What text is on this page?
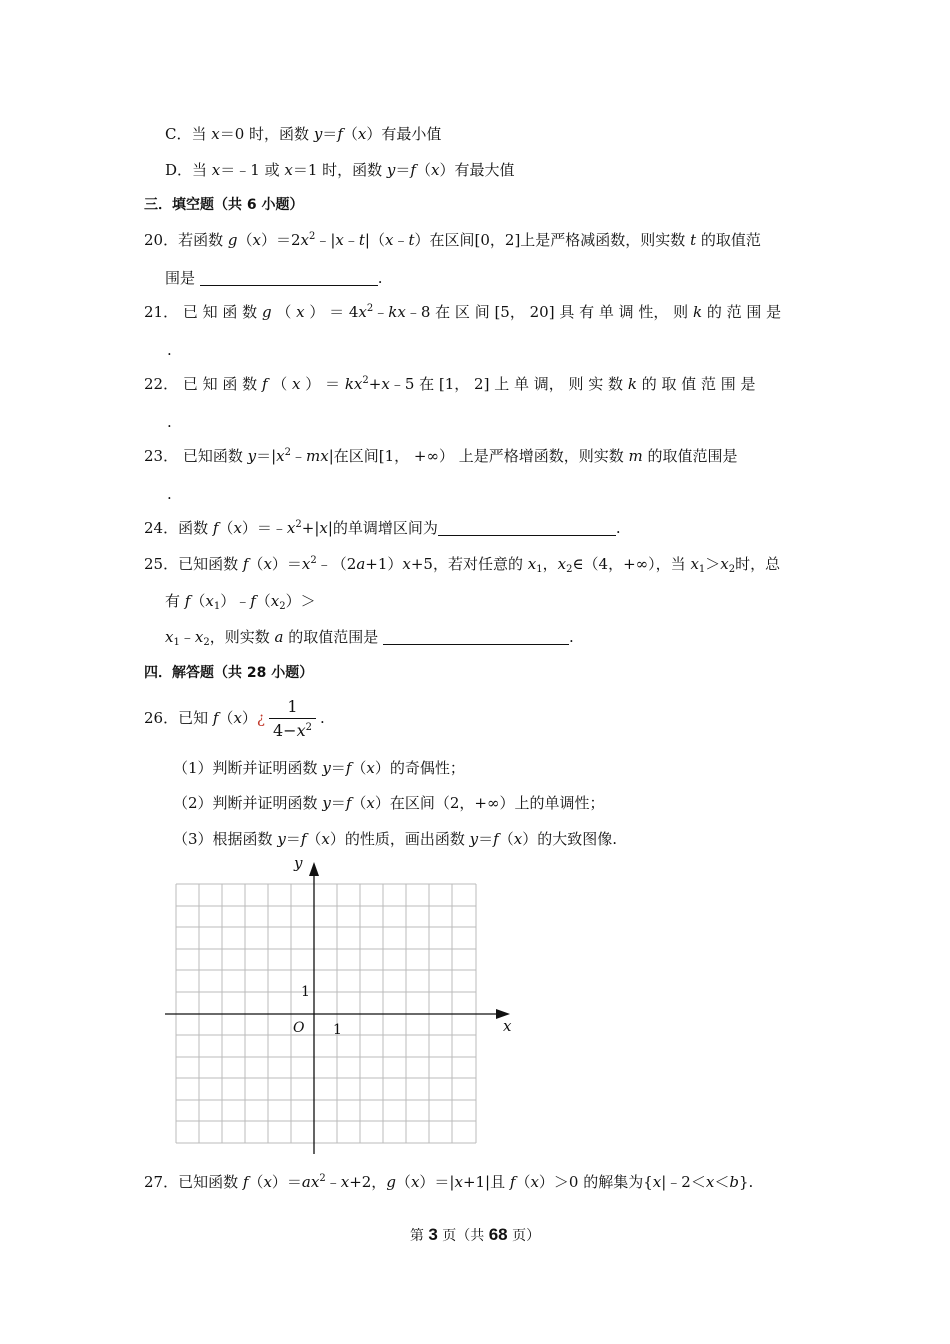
C．当 x＝0 时，函数 y＝f（x）有最小值
D．当 x＝﹣1 或 x＝1 时，函数 y＝f（x）有最大值
三．填空题（共 6 小题）
20．若函数 $g(x)=2x^2﹣|x﹣t|(x﹣t)$在区间[0，2]上是严格减函数，则实数 t 的取值范
围是	.
21． 已 知 函 数 g （ x ） ＝ $4x^2﹣kx﹣8$ 在 区 间 [5， 20] 具 有 单 调 性， 则 k 的 范 围 是
.
22． 已 知 函 数 f （ x ） ＝ $kx^2+x﹣5$ 在 [1， 2] 上 单 调， 则 实 数 k 的 取 值 范 围 是
.
23． 已知函数 $y=|x^2﹣mx|$在区间[1， +∞） 上是严格增函数，则实数 m 的取值范围是
.
24．函数 $f(x)=﹣x^2+|x|$的单调增区间为	.
25．已知函数 $f(x)=x^2﹣(2a+1)x+5$，若对任意的 $x_1$，$x_2\in(4$，+∞），当 $x_1>x_2$时，总
有 $f(x_1)﹣f(x_2)>$
$x_1﹣x_2$，则实数 a 的取值范围是	.
四．解答题（共 28 小题）
26．已知 f（x）¿ $\frac{1}{4-x^2}$ .
（1）判断并证明函数 y＝f（x）的奇偶性；
（2）判断并证明函数 y＝f（x）在区间（2，+∞）上的单调性；
（3）根据函数 y＝f（x）的性质，画出函数 y＝f（x）的大致图像.
y
x
O
1
1
27．已知函数 $f(x)=ax^2﹣x+2$，g（x）＝|x+1|且 f（x）＞0 的解集为{x|﹣2＜x＜b}.
第 3 页（共 68 页）
